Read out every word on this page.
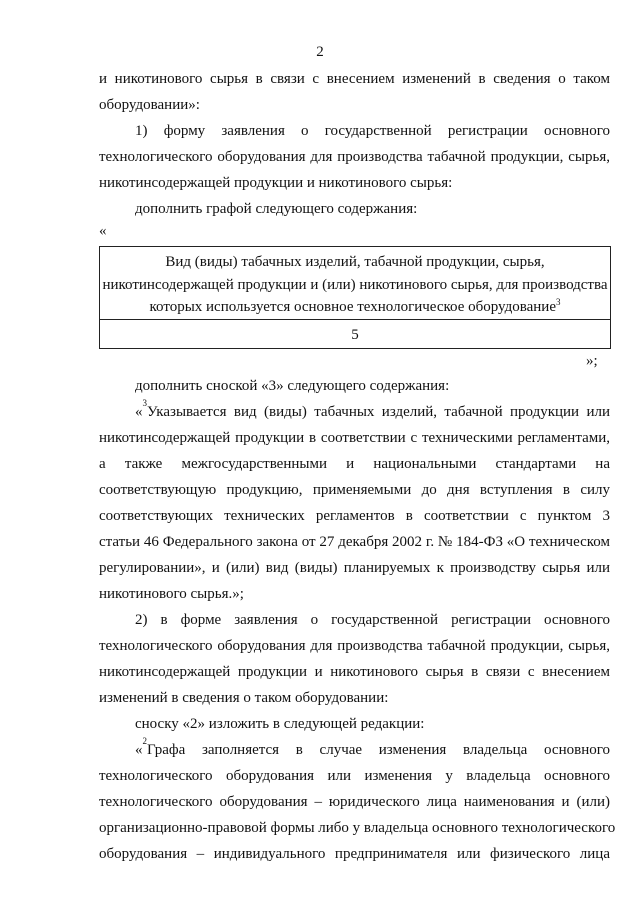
2
и никотинового сырья в связи с внесением изменений в сведения о таком
оборудовании»:
1) форму заявления о государственной регистрации основного
технологического оборудования для производства табачной продукции, сырья,
никотинсодержащей продукции и никотинового сырья:
дополнить графой следующего содержания:
«
Вид (виды) табачных изделий, табачной продукции, сырья,
никотинсодержащей продукции и (или) никотинового сырья, для производства
которых используется основное технологическое оборудование$^3$
5
»;
дополнить сноской «3» следующего содержания:
«
3
Указывается вид (виды) табачных изделий, табачной продукции или
никотинсодержащей продукции в соответствии с техническими регламентами,
а также межгосударственными и национальными стандартами на
соответствующую продукцию, применяемыми до дня вступления в силу
соответствующих технических регламентов в соответствии с пунктом 3
статьи 46 Федерального закона от 27 декабря 2002 г. № 184-ФЗ «О техническом
регулировании», и (или) вид (виды) планируемых к производству сырья или
никотинового сырья.»;
2) в форме заявления о государственной регистрации основного
технологического оборудования для производства табачной продукции, сырья,
никотинсодержащей продукции и никотинового сырья в связи с внесением
изменений в сведения о таком оборудовании:
сноску «2» изложить в следующей редакции:
«
2
Графа заполняется в случае изменения владельца основного
технологического оборудования или изменения у владельца основного
технологического оборудования – юридического лица наименования и (или)
организационно-правовой формы либо у владельца основного технологического
оборудования – индивидуального предпринимателя или физического лица
